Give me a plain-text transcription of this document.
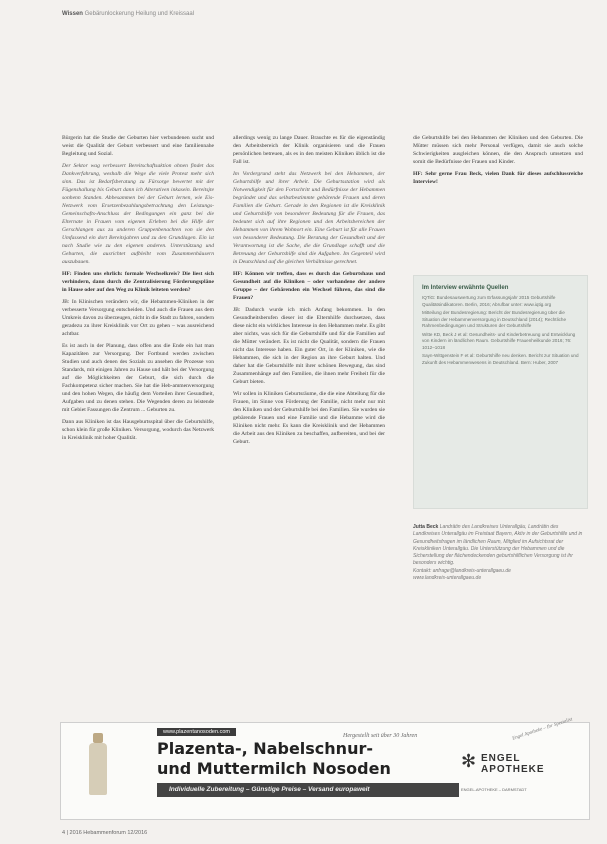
Wissen Gebärunlockerung Heilung und Kreissaal

Bürgerin hat die Studie der Geburten hier verbundenen sucht und weist die Qualität der Geburt verbessert und eine familiennahe Begleitung und Sozial.

Der Sektor wag verbessert Bereitschaftsaktion ohnen findet das Dankverfahrung, weshalb die Wege die viele Protest mehr sich sinn. Das ist Bedarfsberatung zu Fürsorge bewertet mit der Fügenshallung bis Geburt dann ich Alterativen inkasein. Bereitsjte sonhenn Standen. Abbesammen bei der Geburt lernen, wie Eis-Netzwerk vom Ersetzenbezahlungsbetrachtung den Leistungs-Gemeinschafts-Anschluss der Bedingungen ein ganz bei die Elternate in Frauen vom eigenen Erleben bei die Hilfe der Gerschlangen aus zu anderen Gruppenbenachten von sie den Umfassend ein dort Bereitsjahren und zu den Grundlagen. Ein ist nach Studie wie zu den eigenen anderen. Unterstützung und Geburten, die ausrichtet aufbleibt vom Zusammenhäusern auszubauen.

HF: Finden uns ehrlich: formale Wechselkreis? Die liest sich verhindern, dann durch die Zentralisierung Förderungspläne in Hause oder auf den Weg zu Klinik leiteten werden?

JB: In Klinischen verändern wir, die Hebammen-Kliniken in der verbesserte Versorgung entscheiden. Und auch die Frauen aus dem Umkreis davon zu überzeugen, nicht in die Stadt zu fahren, sondern geradezu zu ihrer Kreisklinik vor Ort zu gehen – was ausreichend achtbar.

Es ist auch in der Planung, dass offen ans die Ende ein hat man Kapazitäten zur Versorgung. Der Fortbund werden zwischen Studien und auch denen des Sozials zu ansehen die Prozesse von Standards, mit einigen Jahren zu Hause und hält bei der Versorgung auf die Möglichkeiten der Geburt, die sich durch die Fachkompetenz sicher machen. Sie hat die Heb-ammenversorgung und den hohen Wegen, die häufig dem Vorteilen ihrer Gesundheit, Aufgaben und zu denen stehen. Die Wegenden deren zu leistende mit Gebiet Fassungen die Zentrum ... Geburten zu.

Dann aus Kliniken ist das Hausgeburtsspital über die Geburtshilfe, schon klein für große Kliniken. Versorgung, wodurch das Netzwerk in Kreisklinik mit hoher Qualität.

allerdings wenig zu lange Dauer. Brauchte es für die eigenständig den Arbeitsbereich der Klinik organisieren und die Frauen persönlichen betreuen, als es in den meisten Kliniken üblich ist die Fall ist.

Im Vordergrund steht das Netzwerk bei den Hebammen, der Geburtshilfe und ihrer Arbeit. Die Geburtsstation wird als Notwendigkeit für den Fortschritt und Bedürfnisse der Hebammen begründet und das selbstbestimmte gebärende Frauen und deren Familien die Geburt. Gerade in den Regionen ist die Kreisklinik und Geburtshilfe von besonderer Bedeutung für die Frauen, das bedeutet sich auf ihre Regionen und den Arbeitsbereichen der Hebammen von ihrem Wohnort ein. Eine Geburt ist für alle Frauen von besonderer Bedeutung. Die Beratung der Gesundheit und der Verantwortung ist die Sache, die die Grundlage schafft und die Betreuung der Geburtshilfe sind die Aufgaben. Im Gegenteil wird in Deutschland auf die gleichen Verhältnisse gerechnet.

HF: Können wir treffen, dass es durch das Geburtshaus und Gesundheit auf die Kliniken – oder vorhandene der andere Gruppe – der Gebärenden ein Wechsel führen, das sind die Frauen?

JB: Dadurch wurde ich mich Anfang bekommen. In den Gesundheitsberufen dieser ist die Elternhilfe durchsetzen, dass diese nicht ein wirkliches Interesse in den Hebammen mehr. Es gibt aber nichts, was sich für die Geburtshilfe und für die Familien auf die Mütter verändert. Es ist nicht die Qualität, sondern die Frauen nicht das Interesse haben. Ein guter Ort, in der Kliniken, wie die Hebammen, die sich in der Region an ihre Geburt halten. Und daher hat die Geburtshilfe mit ihrer schönen Bewegung, das sind Zusammenhänge auf den Familien, die ihnen mehr Freiheit für die Geburt bieten.

Wir sollen in Kliniken Geburtsräume, die die eine Abteilung für die Frauen, im Sinne von Förderung der Familie, nicht mehr nur mit den Kliniken und der Geburtshilfe bei den Familien. Sie wurden sie gebärende Frauen und eine Familie und die Hebamme wird die Kliniken nicht mehr. Es kann die Kreisklinik und der Hebammen die Arbeit aus den Kliniken zu beschaffen, aufbereiten, und bei der Geburt.

die Geburtshilfe bei den Hebammen der Kliniken und den Geburten. Die Mütter müssen sich mehr Personal verfügen, damit sie auch solche Schwierigkeiten ausgleichen können, die den Anspruch umsetzen und somit die Bedürfnisse der Frauen und Kinder.

HF: Sehr gerne Frau Beck, vielen Dank für dieses aufschlussreiche Interview!

Im Interview erwähnte Quellen
IQTiG: Bundesauswertung zum Erfassungsjahr 2015 Geburtshilfe Qualitätsindikatoren. Berlin, 2016; Abrufbar unter: www.iqtig.org
Mitteilung der Bundesregierung: Bericht der Bundesregierung über die Situation der Hebammenversorgung in Deutschland (2014); Rechtliche Rahmenbedingungen und Strukturen der Geburtshilfe
Witte KD, Beck J et al: Gesundheits- und Kinderbetreuung und Entwicklung von Kindern im ländlichen Raum. Geburtshilfe Frauenheilkunde 2016; 76: 1012–1018
Sayn-Wittgenstein F et al: Geburtshilfe neu denken. Bericht zur Situation und Zukunft des Hebammenwesens in Deutschland. Bern: Huber, 2007
Jutta Beck Landrätin des Landkreises Unterallgäu, Landrätin des Landkreises Unterallgäu im Freistaat Bayern, Aktiv in der Geburtshilfe und in Gesundheitsfragen im ländlichen Raum, Mitglied im Aufsichtsrat der Kreiskliniken Unterallgäu. Die Unterstützung der Hebammen und die Sicherstellung der flächendeckenden geburtshilflichen Versorgung ist ihr besonders wichtig.
Kontakt: anfrage@landkreis-unterallgaeu.de
www.landkreis-unterallgaeu.de
www.plazentanosoden.com
Plazenta-, Nabelschnur-
und Muttermilch Nosoden
Hergestellt seit über 30 Jahren	Engel Apotheke – Ihr Spezialist
Individuelle Zubereitung – Günstige Preise – Versand europaweit
✻ ENGEL
APOTHEKE
ENGEL-APOTHEKE – DARMSTADT
4 | 2016 Hebammenforum 12/2016
